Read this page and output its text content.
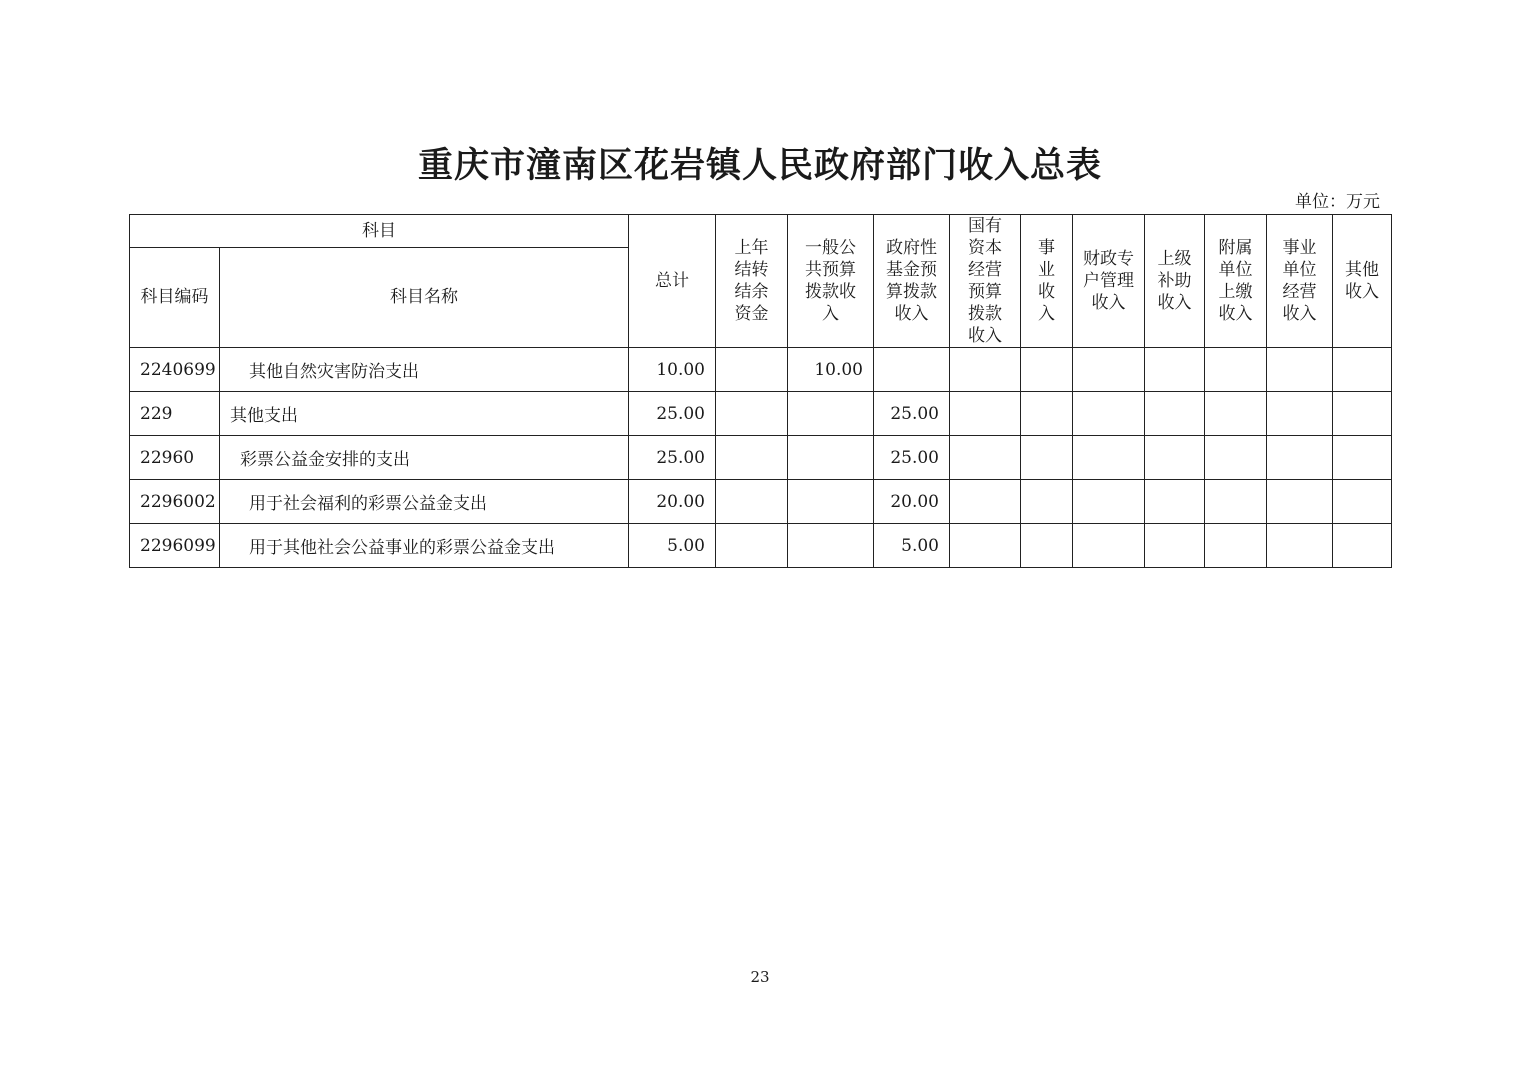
重庆市潼南区花岩镇人民政府部门收入总表
单位：万元
科目		总计	上年结转结余资金	一般公共预算拨款收入	政府性基金预算拨款收入	国有资本经营预算拨款收入	事业收入	财政专户管理收入	上级补助收入	附属单位上缴收入	事业单位经营收入	其他收入
科目编码	科目名称											
2240699	其他自然灾害防治支出	10.00		10.00								
229	其他支出	25.00			25.00							
22960	彩票公益金安排的支出	25.00			25.00							
2296002	用于社会福利的彩票公益金支出	20.00			20.00							
2296099	用于其他社会公益事业的彩票公益金支出	5.00			5.00							
23
